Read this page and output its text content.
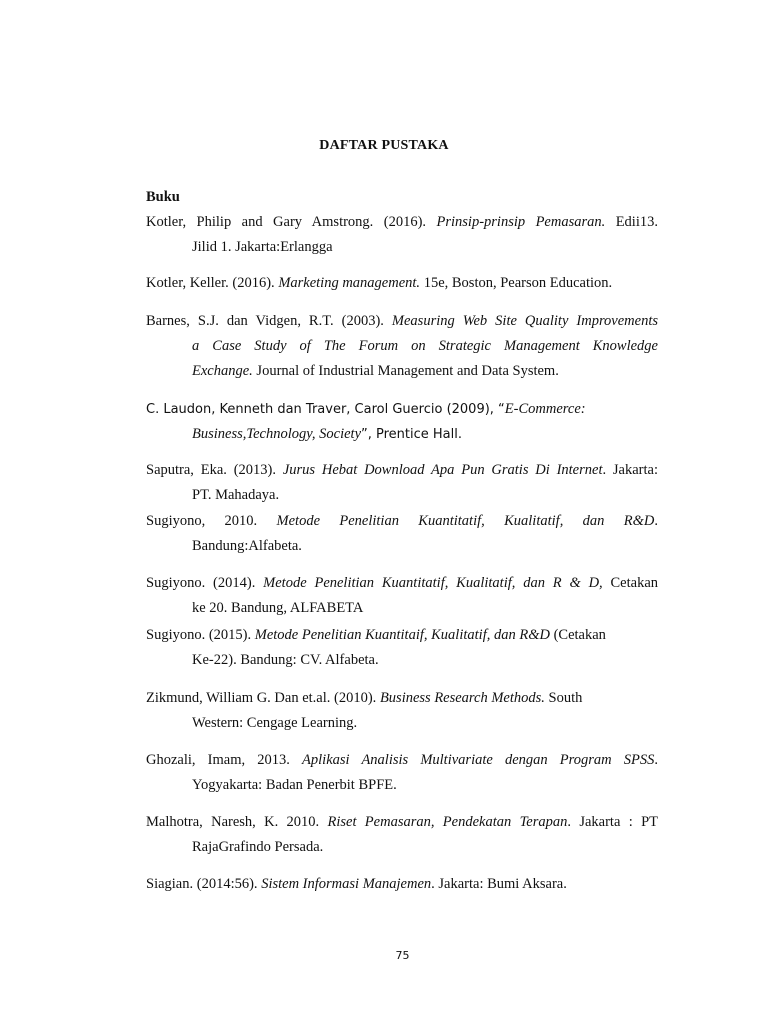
DAFTAR PUSTAKA
Buku
Kotler, Philip and Gary Amstrong. (2016). Prinsip-prinsip Pemasaran. Edii13.
Jilid 1. Jakarta:Erlangga
Kotler, Keller. (2016). Marketing management. 15e, Boston, Pearson Education.
Barnes, S.J. dan Vidgen, R.T. (2003). Measuring Web Site Quality Improvements
a Case Study of The Forum on Strategic Management Knowledge
Exchange. Journal of Industrial Management and Data System.
C. Laudon, Kenneth dan Traver, Carol Guercio (2009), “E-Commerce:
Business,Technology, Society”, Prentice Hall.
Saputra, Eka. (2013). Jurus Hebat Download Apa Pun Gratis Di Internet. Jakarta:
PT. Mahadaya.
Sugiyono, 2010. Metode Penelitian Kuantitatif, Kualitatif, dan R&D.
Bandung:Alfabeta.
Sugiyono. (2014). Metode Penelitian Kuantitatif, Kualitatif, dan R & D, Cetakan
ke 20. Bandung, ALFABETA
Sugiyono. (2015). Metode Penelitian Kuantitaif, Kualitatif, dan R&D (Cetakan
Ke-22). Bandung: CV. Alfabeta.
Zikmund, William G. Dan et.al. (2010). Business Research Methods. South
Western: Cengage Learning.
Ghozali, Imam, 2013. Aplikasi Analisis Multivariate dengan Program SPSS.
Yogyakarta: Badan Penerbit BPFE.
Malhotra, Naresh, K. 2010. Riset Pemasaran, Pendekatan Terapan. Jakarta : PT
RajaGrafindo Persada.
Siagian. (2014:56). Sistem Informasi Manajemen. Jakarta: Bumi Aksara.
75
